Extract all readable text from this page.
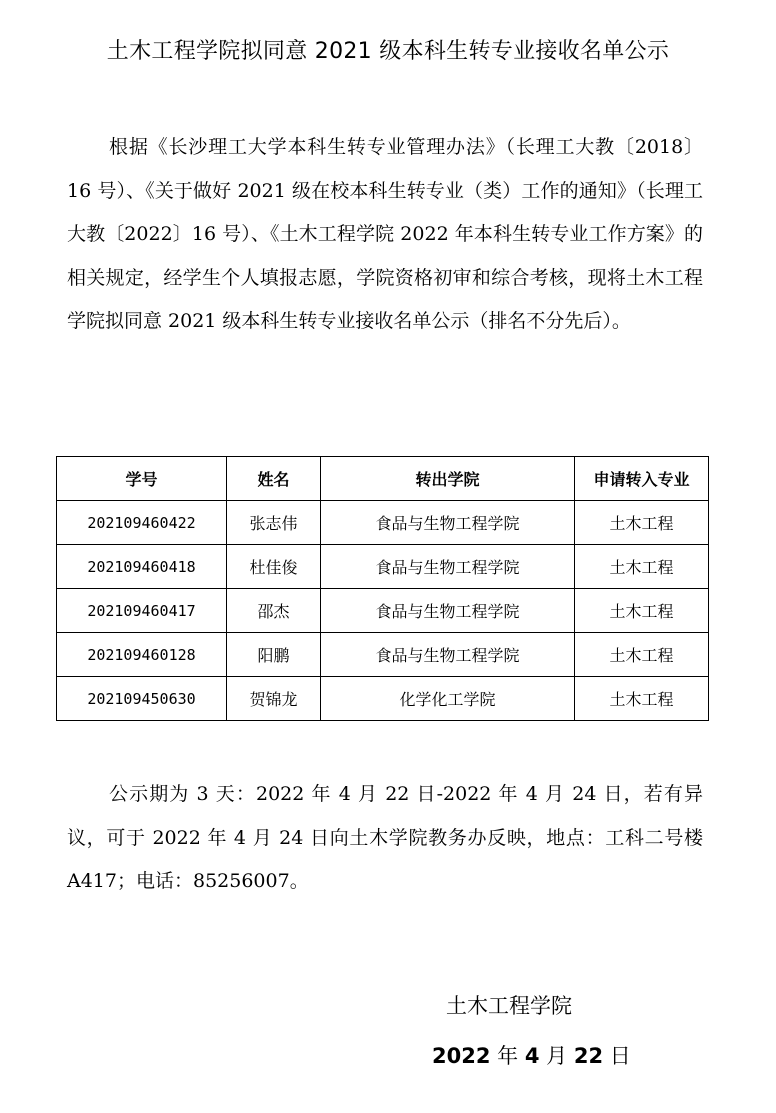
土木工程学院拟同意 2021 级本科生转专业接收名单公示

根据《长沙理工大学本科生转专业管理办法》（长理工大教〔2018〕16 号）、《关于做好 2021 级在校本科生转专业（类）工作的通知》（长理工大教〔2022〕16 号）、《土木工程学院 2022 年本科生转专业工作方案》的相关规定，经学生个人填报志愿，学院资格初审和综合考核，现将土木工程学院拟同意 2021 级本科生转专业接收名单公示（排名不分先后）。

学号	姓名	转出学院	申请转入专业
202109460422	张志伟	食品与生物工程学院	土木工程
202109460418	杜佳俊	食品与生物工程学院	土木工程
202109460417	邵杰	食品与生物工程学院	土木工程
202109460128	阳鹏	食品与生物工程学院	土木工程
202109450630	贺锦龙	化学化工学院	土木工程

公示期为 3 天：2022 年 4 月 22 日-2022 年 4 月 24 日，若有异议，可于 2022 年 4 月 24 日向土木学院教务办反映，地点：工科二号楼 A417；电话：85256007。

土木工程学院
2022 年 4 月 22 日
